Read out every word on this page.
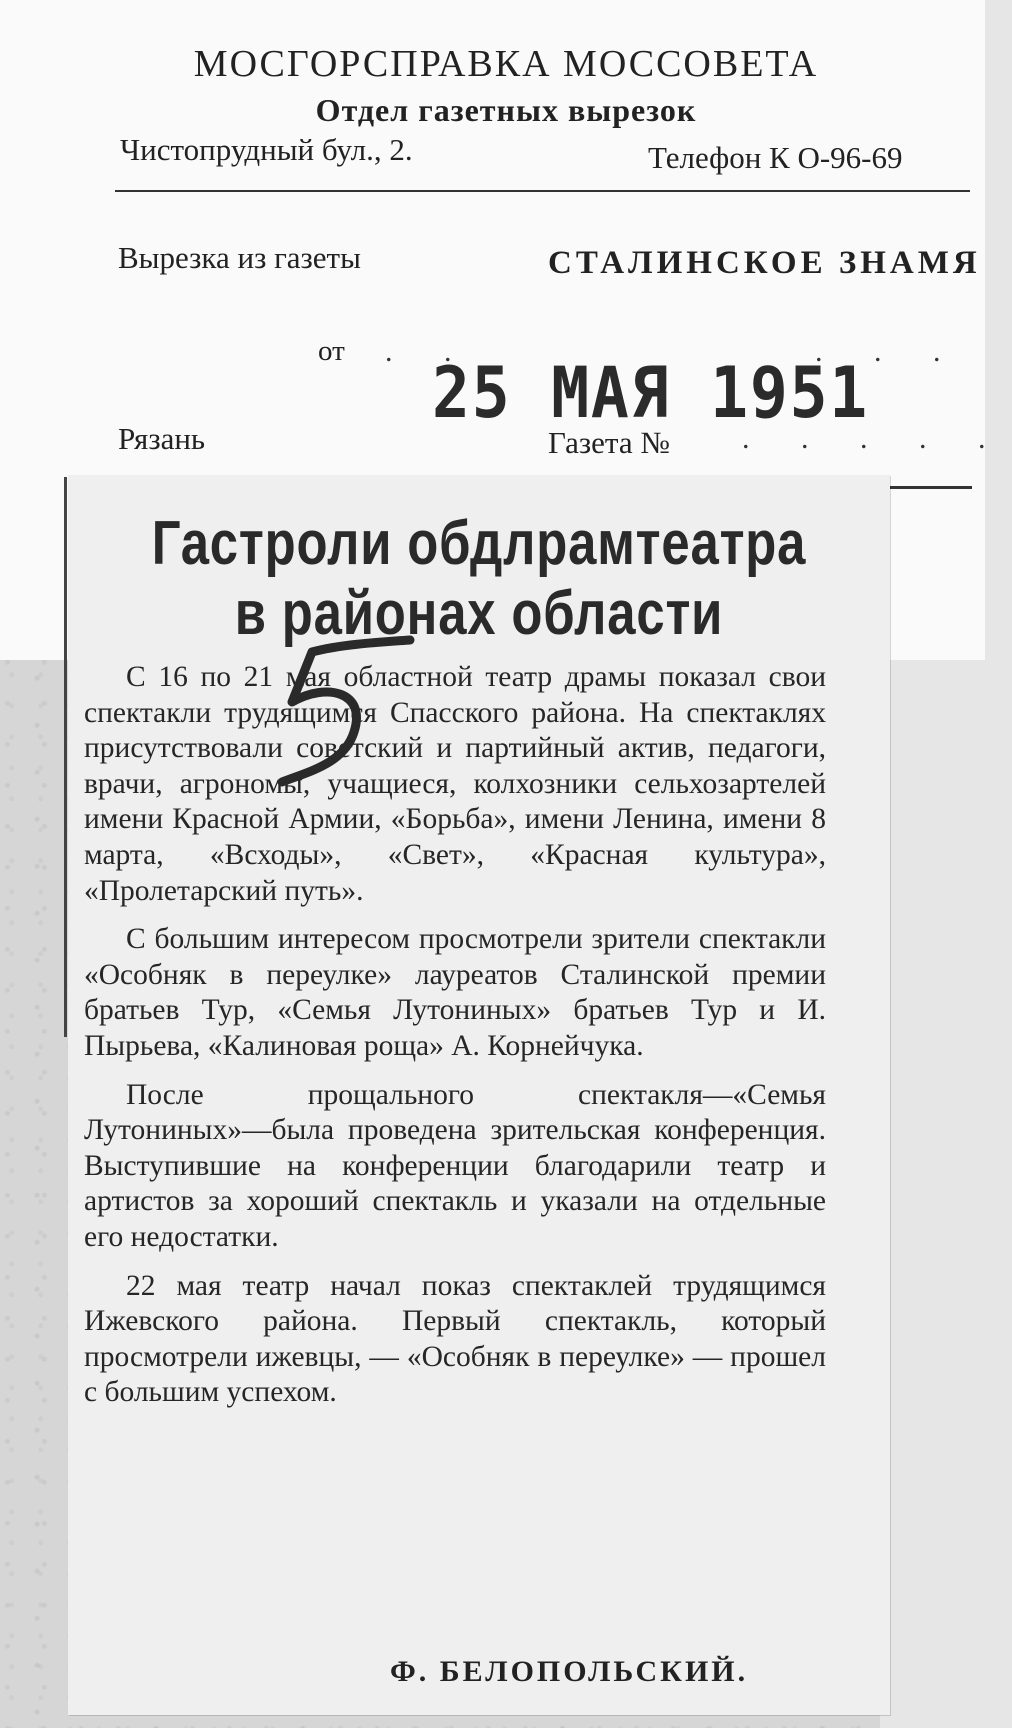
МОСГОРСПРАВКА МОССОВЕТА
Отдел газетных вырезок
Чистопрудный бул., 2.	Телефон К О-96-69
Вырезка из газеты	СТАЛИНСКОЕ ЗНАМЯ
от . .	. . .
25 МАЯ 1951
Рязань	Газета № . . . . .
Гастроли обдлрамтеатра
в районах области

С 16 по 21 мая областной театр драмы показал свои спектакли трудящимся Спасского района. На спектаклях присутствовали советский и партийный актив, педагоги, врачи, агрономы, учащиеся, колхозники сельхозартелей имени Красной Армии, «Борьба», имени Ленина, имени 8 марта, «Всходы», «Свет», «Красная культура», «Пролетарский путь».

С большим интересом просмотрели зрители спектакли «Особняк в переулке» лауреатов Сталинской премии братьев Тур, «Семья Лутониных» братьев Тур и И. Пырьева, «Калиновая роща» А. Корнейчука.

После прощального спектакля—«Семья Лутониных»—была проведена зрительская конференция. Выступившие на конференции благодарили театр и артистов за хороший спектакль и указали на отдельные его недостатки.

22 мая театр начал показ спектаклей трудящимся Ижевского района. Первый спектакль, который просмотрели ижевцы, — «Особняк в переулке» — прошел с большим успехом.

Ф. БЕЛОПОЛЬСКИЙ.
